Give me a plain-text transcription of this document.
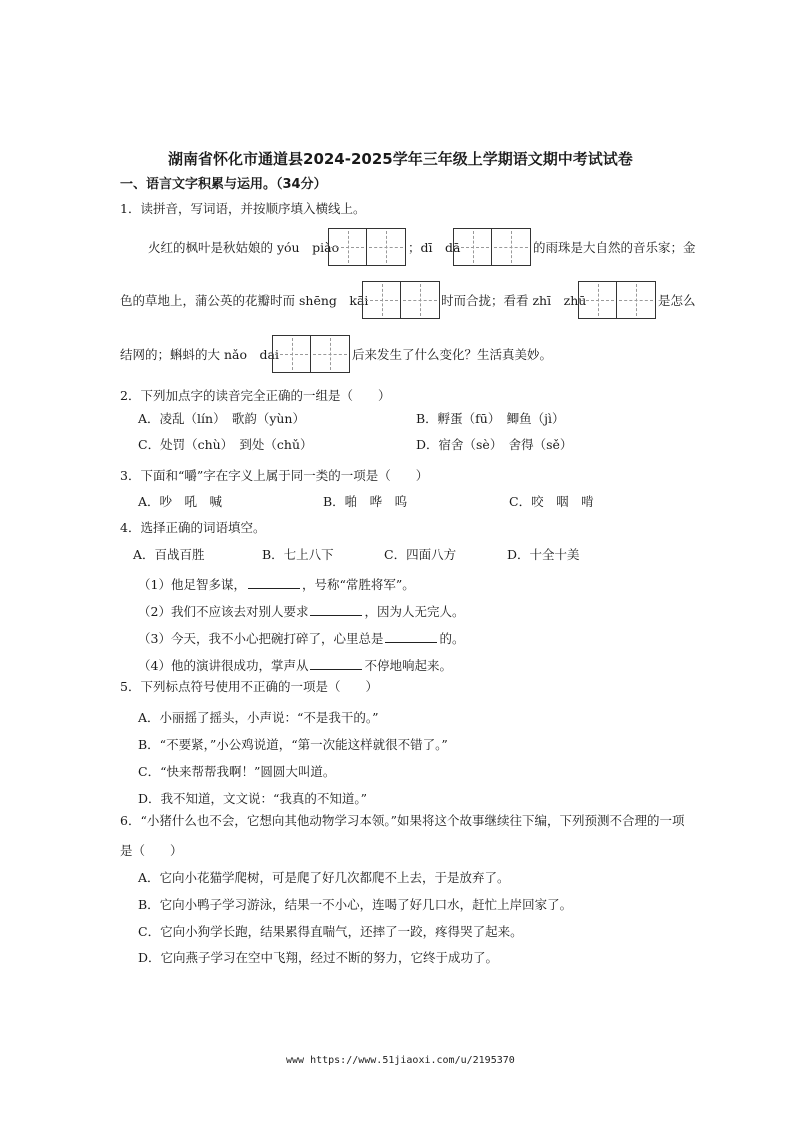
湖南省怀化市通道县2024-2025学年三年级上学期语文期中考试试卷
一、语言文字积累与运用。（34分）
1．读拼音，写词语，并按顺序填入横线上。
火红的枫叶是秋姑娘的 yóu　piào	；dī　dā	的雨珠是大自然的音乐家；金
色的草地上，蒲公英的花瓣时而 shēng　kāi	时而合拢；看看 zhī　zhū	是怎么
结网的；蝌蚪的大 nǎo　dai	后来发生了什么变化？生活真美妙。
2．下列加点字的读音完全正确的一组是（　　）
A．凌乱（lín）　歌韵（yùn）	B．孵蛋（fū）　鲫鱼（jì）
C．处罚（chù）　到处（chǔ）	D．宿舍（sè）　舍得（sě）
3．下面和“嚼”字在字义上属于同一类的一项是（　　）
A．吵　吼　喊	B．啪　哗　呜	C．咬　咽　啃
4．选择正确的词语填空。
A．百战百胜	B．七上八下	C．四面八方	D．十全十美
（1）他足智多谋，	，号称“常胜将军”。
（2）我们不应该去对别人要求	，因为人无完人。
（3）今天，我不小心把碗打碎了，心里总是	的。
（4）他的演讲很成功，掌声从	不停地响起来。
5．下列标点符号使用不正确的一项是（　　）
A．小丽摇了摇头，小声说：“不是我干的。”
B．“不要紧，”小公鸡说道，“第一次能这样就很不错了。”
C．“快来帮帮我啊！”圆圆大叫道。
D．我不知道，文文说：“我真的不知道。”
6．“小猪什么也不会，它想向其他动物学习本领。”如果将这个故事继续往下编，下列预测不合理的一项
是（　　）
A．它向小花猫学爬树，可是爬了好几次都爬不上去，于是放弃了。
B．它向小鸭子学习游泳，结果一不小心，连喝了好几口水，赶忙上岸回家了。
C．它向小狗学长跑，结果累得直喘气，还摔了一跤，疼得哭了起来。
D．它向燕子学习在空中飞翔，经过不断的努力，它终于成功了。
www https://www.51jiaoxi.com/u/2195370
